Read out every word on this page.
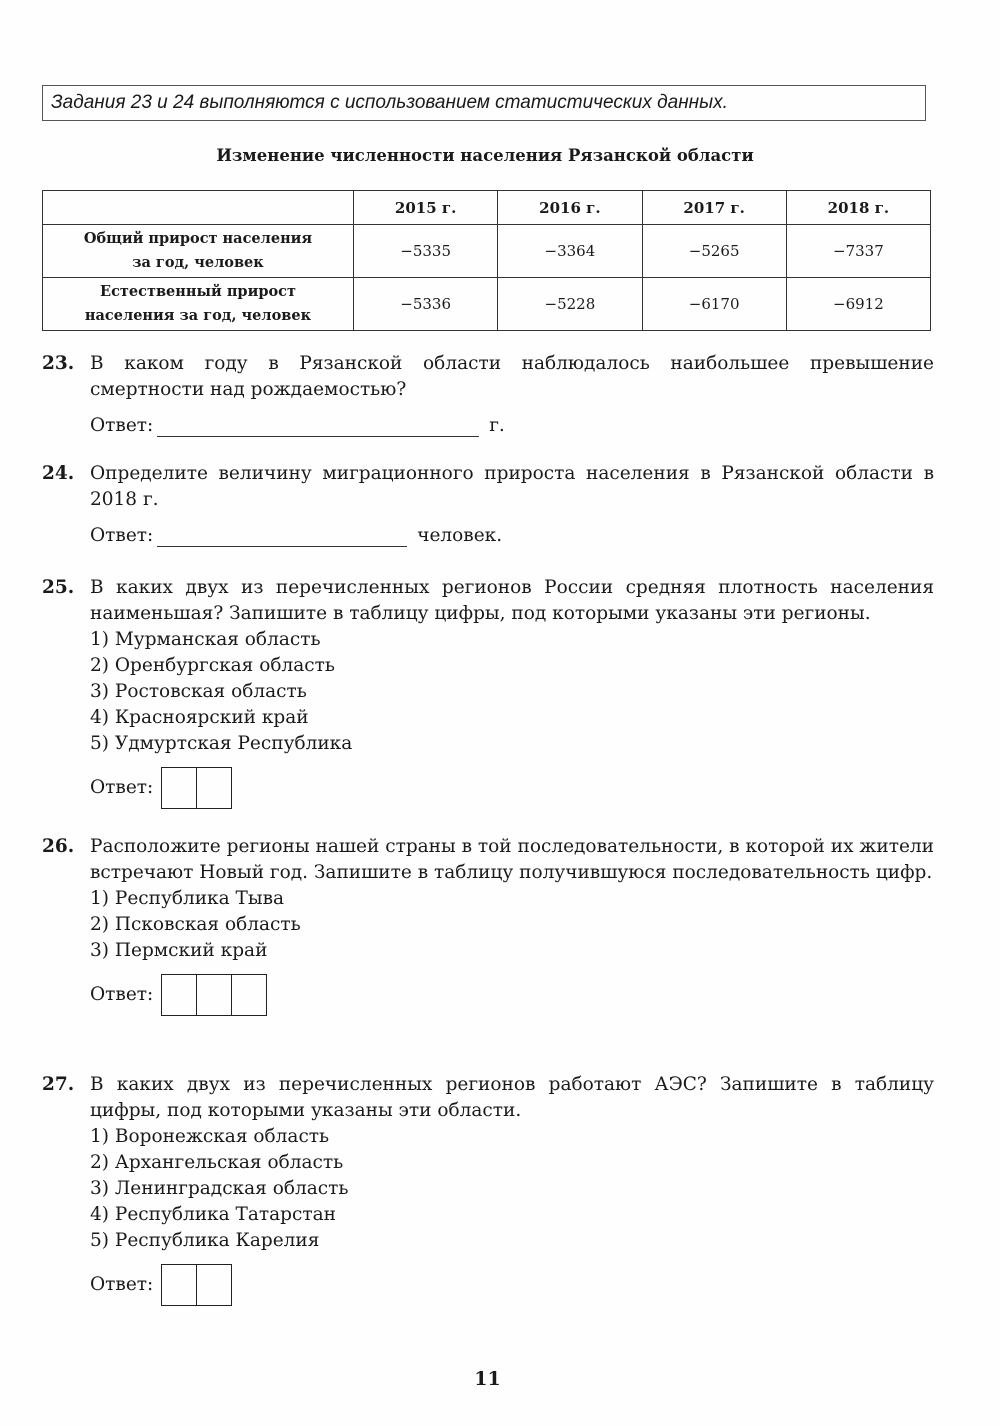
Задания 23 и 24 выполняются с использованием статистических данных.
Изменение численности населения Рязанской области
	2015 г.	2016 г.	2017 г.	2018 г.
Общий прирост населения
за год, человек	−5335	−3364	−5265	−7337
Естественный прирост
населения за год, человек	−5336	−5228	−6170	−6912
23. В каком году в Рязанской области наблюдалось наибольшее превышение смертности над рождаемостью?
Ответ:	г.
24. Определите величину миграционного прироста населения в Рязанской области в 2018 г.
Ответ:	человек.
25. В каких двух из перечисленных регионов России средняя плотность населения наименьшая? Запишите в таблицу цифры, под которыми указаны эти регионы.
1) Мурманская область
2) Оренбургская область
3) Ростовская область
4) Красноярский край
5) Удмуртская Республика
Ответ:
26. Расположите регионы нашей страны в той последовательности, в которой их жители встречают Новый год. Запишите в таблицу получившуюся последовательность цифр.
1) Республика Тыва
2) Псковская область
3) Пермский край
Ответ:
27. В каких двух из перечисленных регионов работают АЭС? Запишите в таблицу цифры, под которыми указаны эти области.
1) Воронежская область
2) Архангельская область
3) Ленинградская область
4) Республика Татарстан
5) Республика Карелия
Ответ:
11
